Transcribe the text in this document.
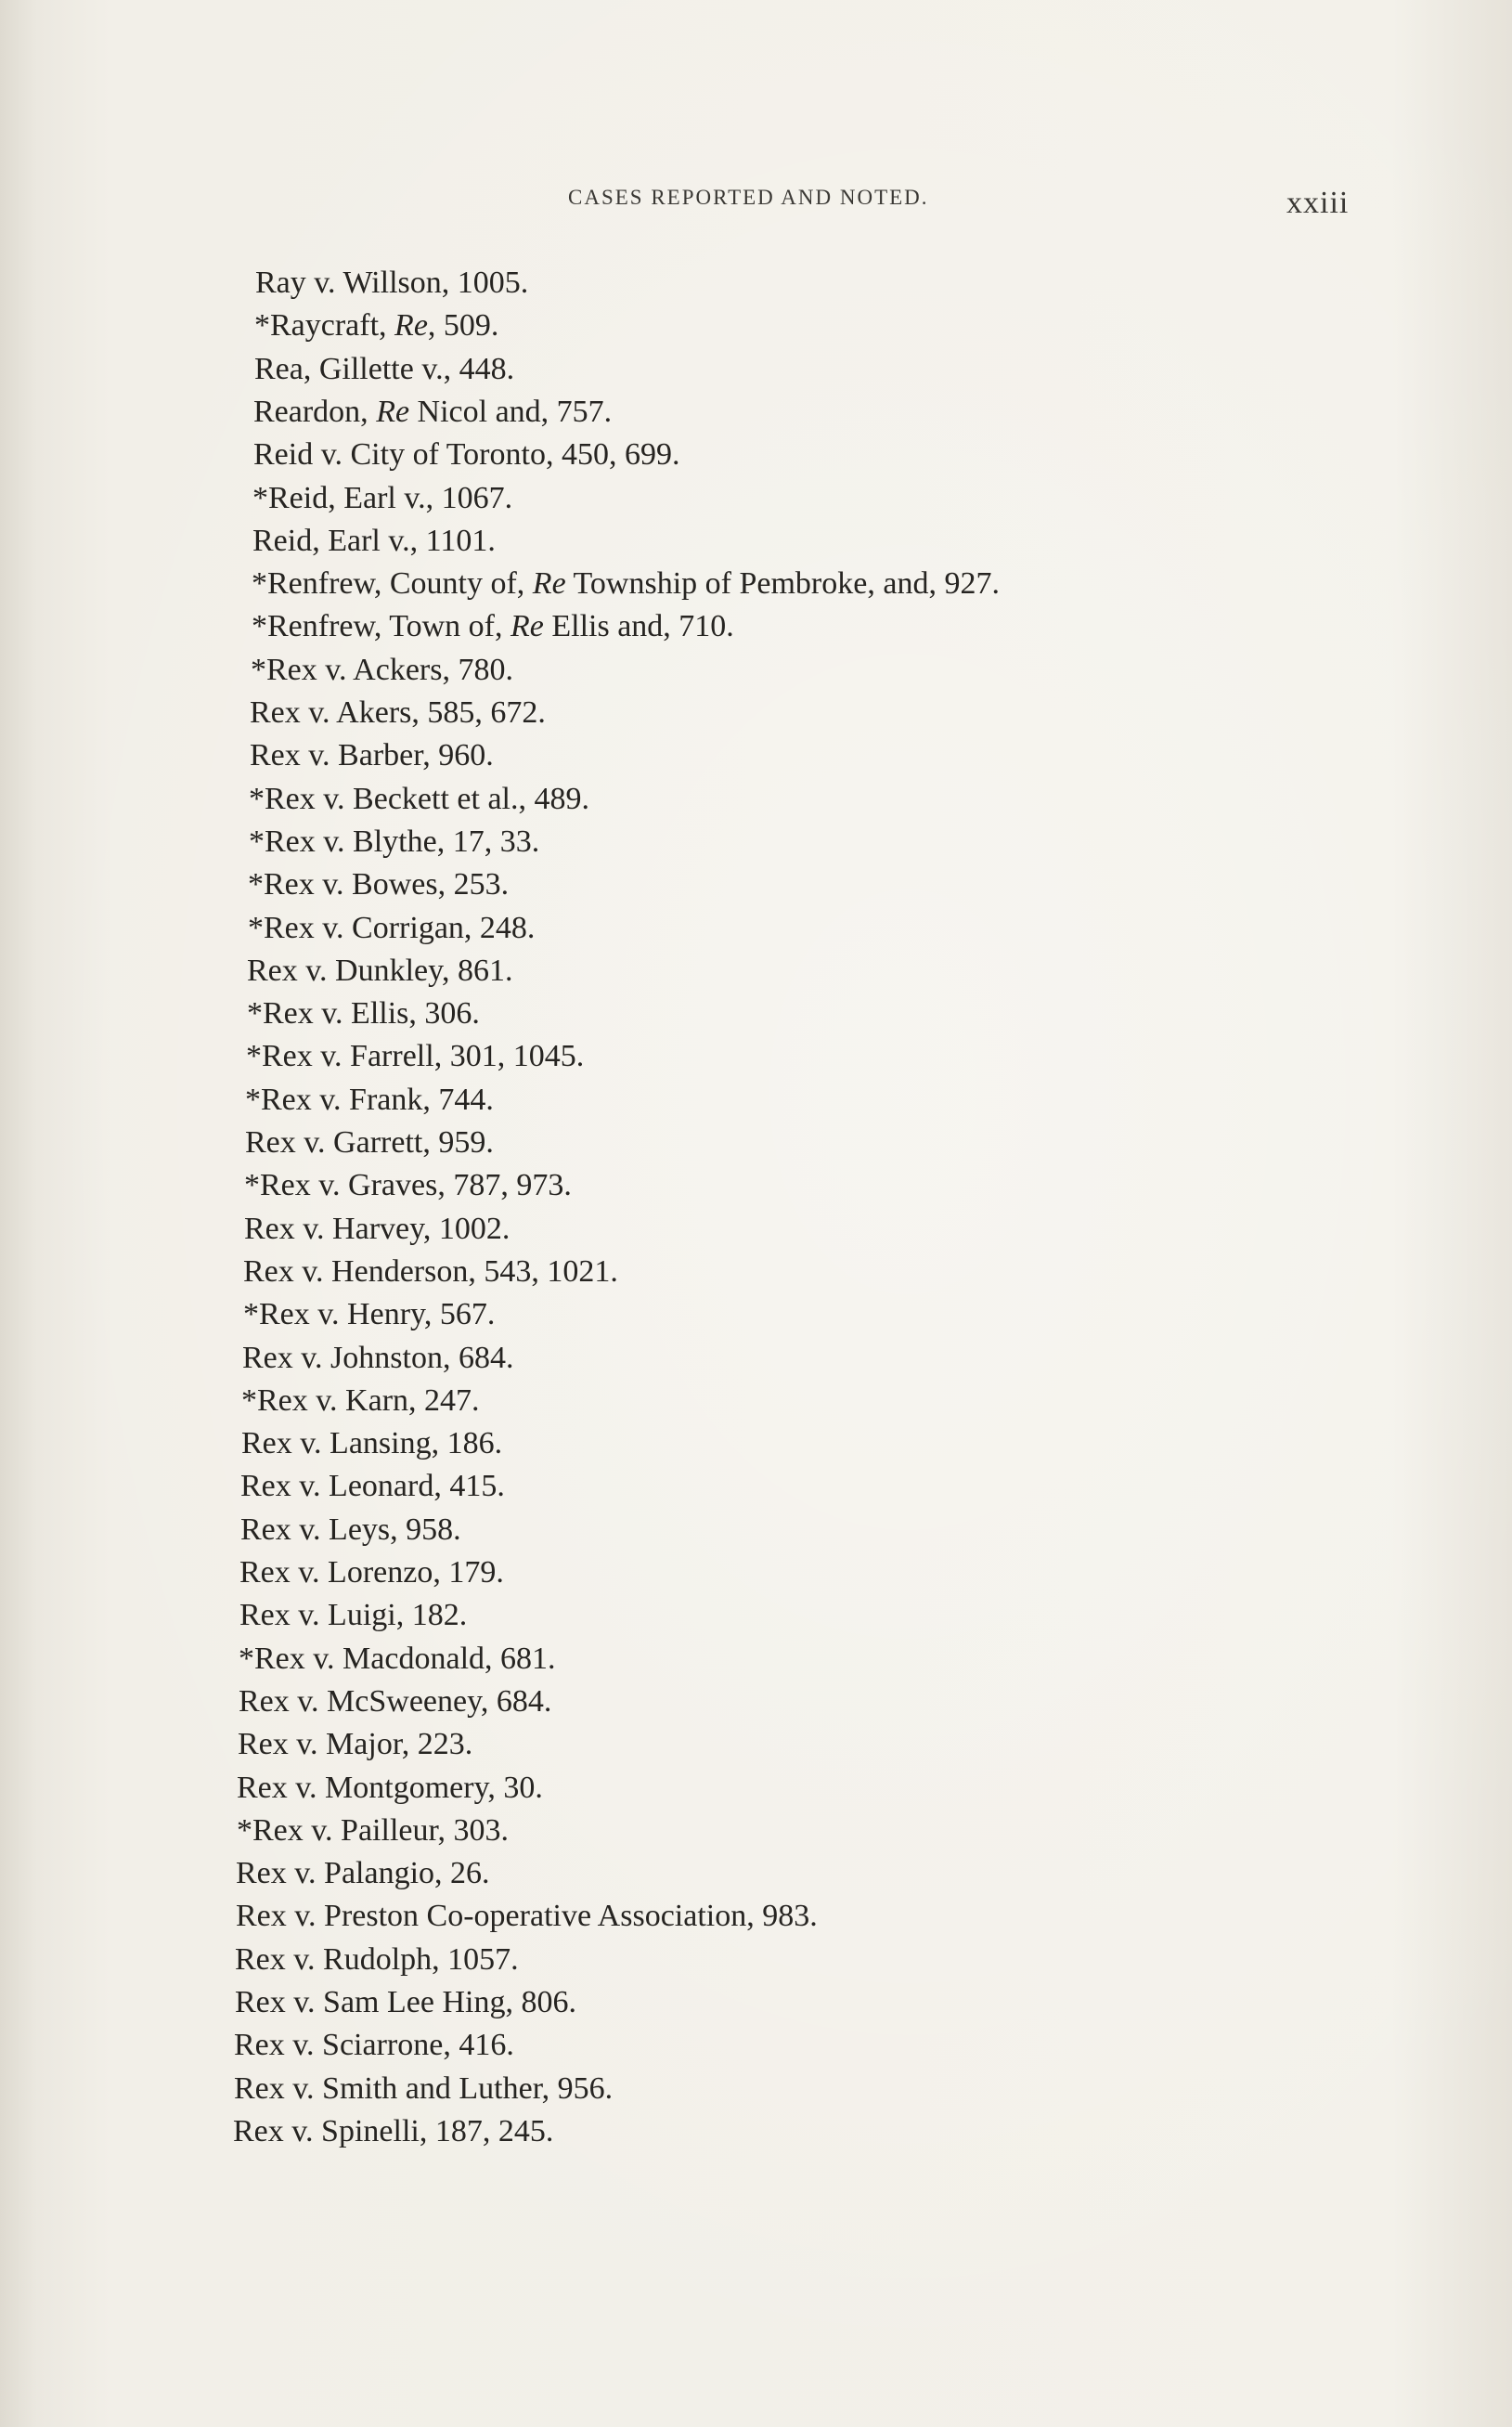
CASES REPORTED AND NOTED.	xxiii
Ray v. Willson, 1005.
*Raycraft, Re, 509.
Rea, Gillette v., 448.
Reardon, Re Nicol and, 757.
Reid v. City of Toronto, 450, 699.
*Reid, Earl v., 1067.
Reid, Earl v., 1101.
*Renfrew, County of, Re Township of Pembroke, and, 927.
*Renfrew, Town of, Re Ellis and, 710.
*Rex v. Ackers, 780.
Rex v. Akers, 585, 672.
Rex v. Barber, 960.
*Rex v. Beckett et al., 489.
*Rex v. Blythe, 17, 33.
*Rex v. Bowes, 253.
*Rex v. Corrigan, 248.
Rex v. Dunkley, 861.
*Rex v. Ellis, 306.
*Rex v. Farrell, 301, 1045.
*Rex v. Frank, 744.
Rex v. Garrett, 959.
*Rex v. Graves, 787, 973.
Rex v. Harvey, 1002.
Rex v. Henderson, 543, 1021.
*Rex v. Henry, 567.
Rex v. Johnston, 684.
*Rex v. Karn, 247.
Rex v. Lansing, 186.
Rex v. Leonard, 415.
Rex v. Leys, 958.
Rex v. Lorenzo, 179.
Rex v. Luigi, 182.
*Rex v. Macdonald, 681.
Rex v. McSweeney, 684.
Rex v. Major, 223.
Rex v. Montgomery, 30.
*Rex v. Pailleur, 303.
Rex v. Palangio, 26.
Rex v. Preston Co-operative Association, 983.
Rex v. Rudolph, 1057.
Rex v. Sam Lee Hing, 806.
Rex v. Sciarrone, 416.
Rex v. Smith and Luther, 956.
Rex v. Spinelli, 187, 245.
